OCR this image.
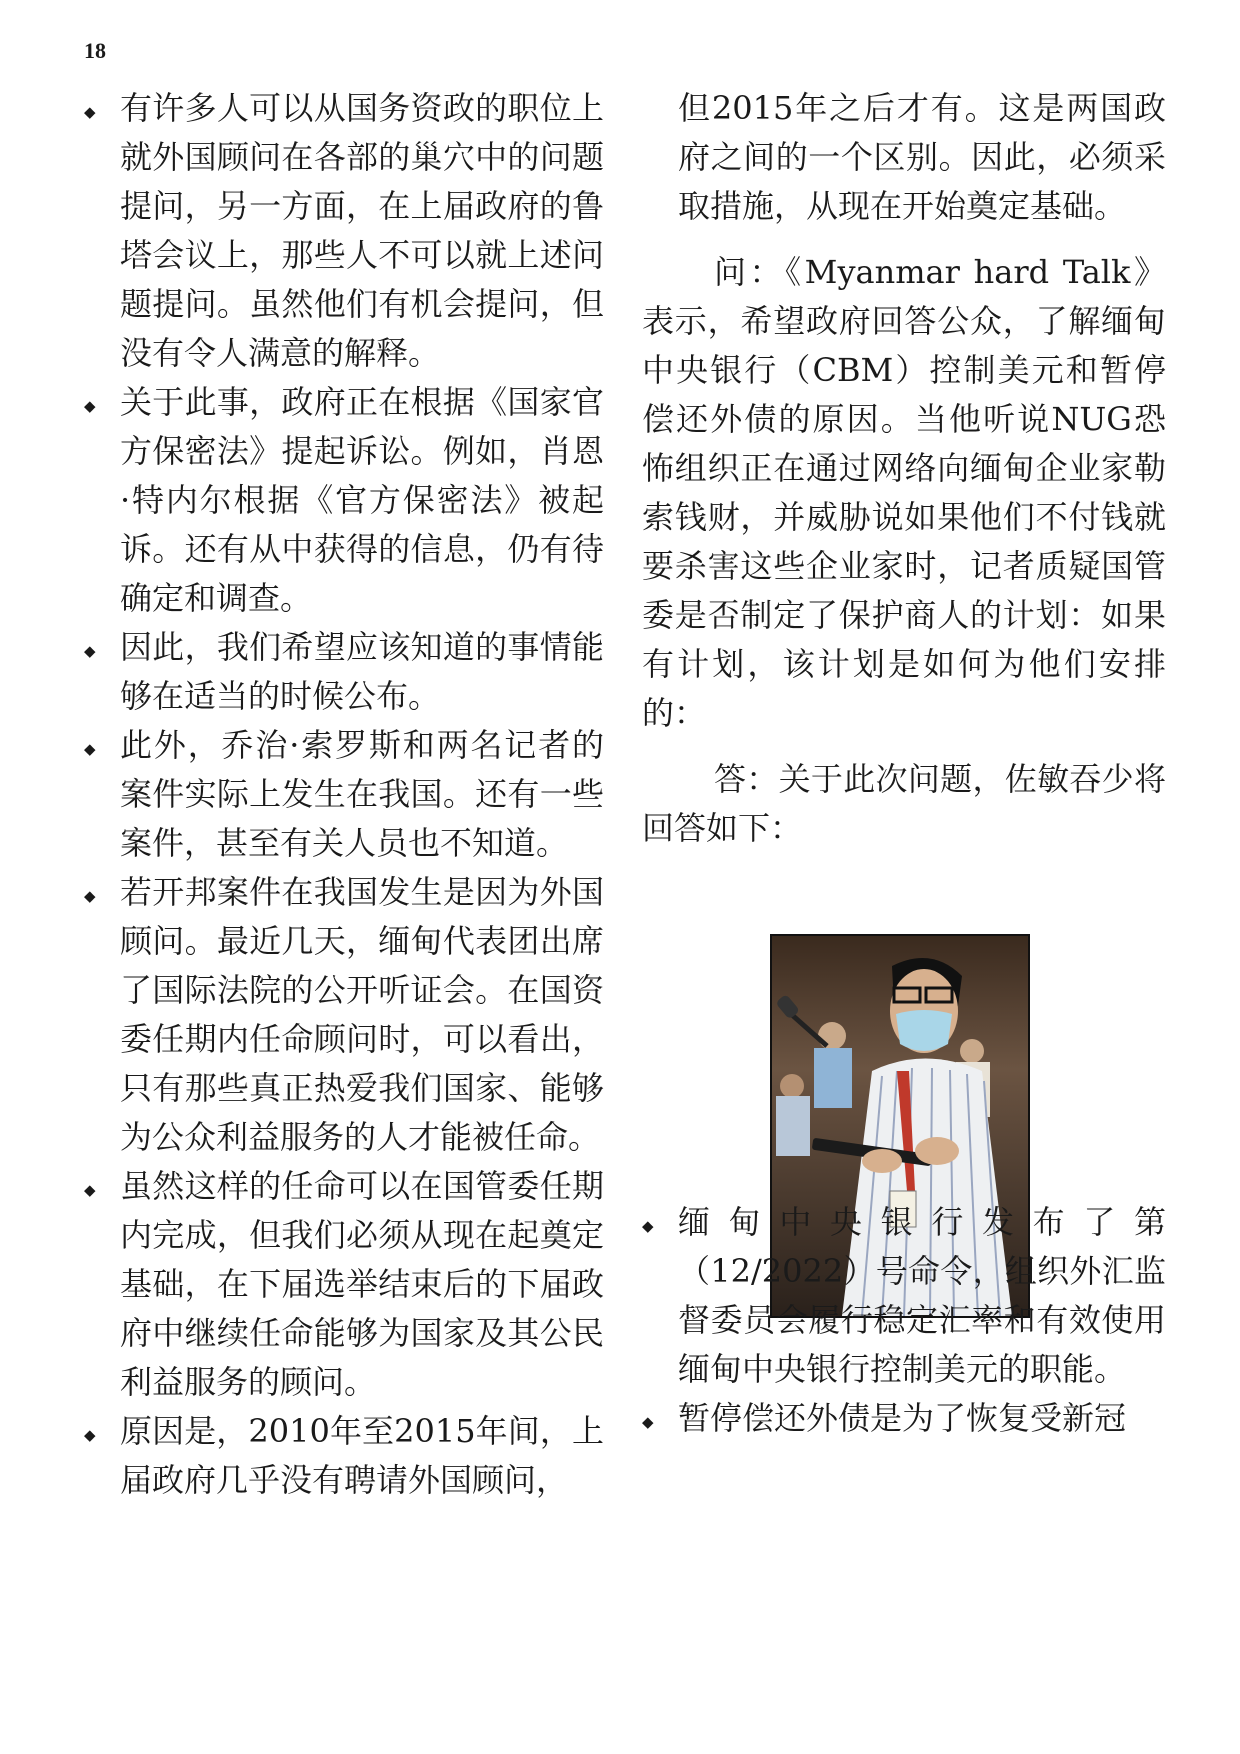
18
◆ 有许多人可以从国务资政的职位上就外国顾问在各部的巢穴中的问题提问，另一方面，在上届政府的鲁塔会议上，那些人不可以就上述问题提问。虽然他们有机会提问，但没有令人满意的解释。
◆ 关于此事，政府正在根据《国家官方保密法》提起诉讼。例如，肖恩·特内尔根据《官方保密法》被起诉。还有从中获得的信息，仍有待确定和调查。
◆ 因此，我们希望应该知道的事情能够在适当的时候公布。
◆ 此外，乔治·索罗斯和两名记者的案件实际上发生在我国。还有一些案件，甚至有关人员也不知道。
◆ 若开邦案件在我国发生是因为外国顾问。最近几天，缅甸代表团出席了国际法院的公开听证会。在国资委任期内任命顾问时，可以看出，只有那些真正热爱我们国家、能够为公众利益服务的人才能被任命。
◆ 虽然这样的任命可以在国管委任期内完成，但我们必须从现在起奠定基础，在下届选举结束后的下届政府中继续任命能够为国家及其公民利益服务的顾问。
◆ 原因是，2010年至2015年间，上届政府几乎没有聘请外国顾问，
但2015年之后才有。这是两国政府之间的一个区别。因此，必须采取措施，从现在开始奠定基础。
问：《Myanmar hard Talk》表示，希望政府回答公众，了解缅甸中央银行（CBM）控制美元和暂停偿还外债的原因。当他听说NUG恐怖组织正在通过网络向缅甸企业家勒索钱财，并威胁说如果他们不付钱就要杀害这些企业家时，记者质疑国管委是否制定了保护商人的计划：如果有计划，该计划是如何为他们安排的：
答：关于此次问题，佐敏吞少将回答如下：
◆ 缅甸中央银行发布了第（12/2022）号命令，组织外汇监督委员会履行稳定汇率和有效使用缅甸中央银行控制美元的职能。
◆ 暂停偿还外债是为了恢复受新冠
